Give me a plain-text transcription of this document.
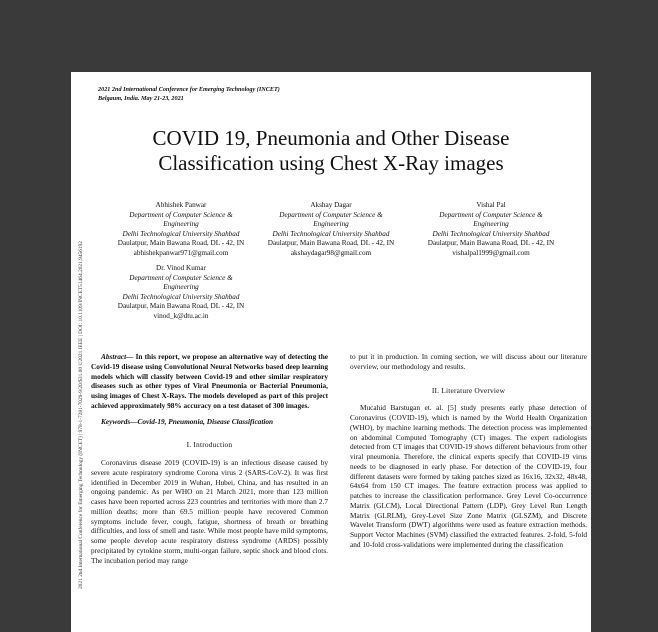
2021 2nd International Conference for Emerging Technology (INCET)
Belgaum, India. May 21-23, 2021
COVID 19, Pneumonia and Other Disease
Classification using Chest X-Ray images
Abhishek Panwar
Department of Computer Science &
Engineering
Delhi Technological University Shahbad
Daulatpur, Main Bawana Road, DL - 42, IN
abhishekpanwar971@gmail.com
Akshay Dagar
Department of Computer Science &
Engineering
Delhi Technological University Shahbad
Daulatpur, Main Bawana Road, DL - 42, IN
akshaydagar98@gmail.com
Vishal Pal
Department of Computer Science &
Engineering
Delhi Technological University Shahbad
Daulatpur, Main Bawana Road, DL - 42, IN
vishalpal1999@gmail.com
Dr. Vinod Kumar
Department of Computer Science &
Engineering
Delhi Technological University Shahbad
Daulatpur, Main Bawana Road, DL - 42, IN
vinod_k@dtu.ac.in
2021 2nd International Conference for Emerging Technology (INCET) | 978-1-7281-7029-9/20/$31.00 ©2021 IEEE | DOI: 10.1109/INCET51464.2021.9456192	Abstract— In this report, we propose an alternative way of detecting the Covid-19 disease using Convolutional Neural Networks based deep learning models which will classify between Covid-19 and other similar respiratory diseases such as other types of Viral Pneumonia or Bacterial Pneumonia, using images of Chest X-Rays. The models developed as part of this project achieved approximately 98% accuracy on a test dataset of 300 images.

Keywords—Covid-19, Pneumonia, Disease Classification

I. Introduction

Coronavirus disease 2019 (COVID-19) is an infectious disease caused by severe acute respiratory syndrome Corona virus 2 (SARS-CoV-2). It was first identified in December 2019 in Wuhan, Hubei, China, and has resulted in an ongoing pandemic. As per WHO on 21 March 2021, more than 123 million cases have been reported across 223 countries and territories with more than 2.7 million deaths; more than 69.5 million people have recovered Common symptoms include fever, cough, fatigue, shortness of breath or breathing difficulties, and loss of smell and taste. While most people have mild symptoms, some people develop acute respiratory distress syndrome (ARDS) possibly precipitated by cytokine storm, multi-organ failure, septic shock and blood clots. The incubation period may range

to put it in production. In coming section, we will discuss about our literature overview, our methodology and results.

II. Literature Overview

Mucahid Barstugan et. al. [5] study presents early phase detection of Coronavirus (COVID-19), which is named by the World Health Organization (WHO), by machine learning methods. The detection process was implemented on abdominal Computed Tomography (CT) images. The expert radiologists detected from CT images that COVID-19 shows different behaviours from other viral pneumonia. Therefore, the clinical experts specify that COVID-19 virus needs to be diagnosed in early phase. For detection of the COVID-19, four different datasets were formed by taking patches sized as 16x16, 32x32, 48x48, 64x64 from 150 CT images. The feature extraction process was applied to patches to increase the classification performance. Grey Level Co-occurrence Matrix (GLCM), Local Directional Pattern (LDP), Grey Level Run Length Matrix (GLRLM), Grey-Level Size Zone Matrix (GLSZM), and Discrete Wavelet Transform (DWT) algorithms were used as feature extraction methods. Support Vector Machines (SVM) classified the extracted features. 2-fold, 5-fold and 10-fold cross-validations were implemented during the classification
